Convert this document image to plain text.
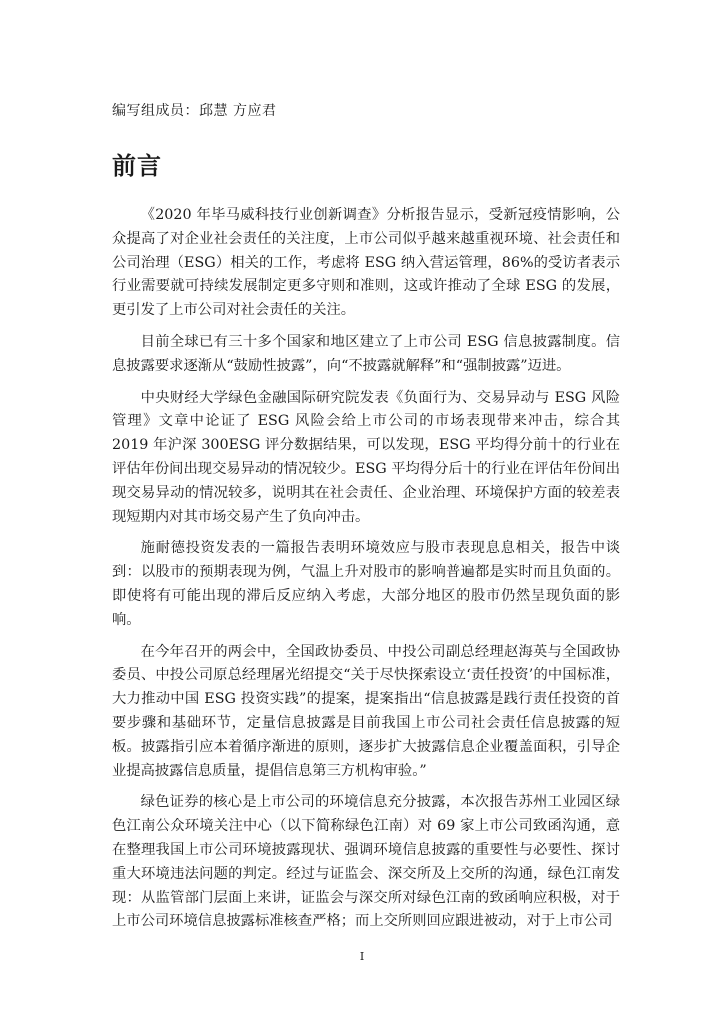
编写组成员：邱慧 方应君
前言

《2020 年毕马威科技行业创新调查》分析报告显示，受新冠疫情影响，公众提高了对企业社会责任的关注度，上市公司似乎越来越重视环境、社会责任和公司治理（ESG）相关的工作，考虑将 ESG 纳入营运管理，86%的受访者表示行业需要就可持续发展制定更多守则和准则，这或许推动了全球 ESG 的发展，更引发了上市公司对社会责任的关注。

目前全球已有三十多个国家和地区建立了上市公司 ESG 信息披露制度。信息披露要求逐渐从“鼓励性披露”，向“不披露就解释”和“强制披露”迈进。

中央财经大学绿色金融国际研究院发表《负面行为、交易异动与 ESG 风险管理》文章中论证了 ESG 风险会给上市公司的市场表现带来冲击，综合其 2019 年沪深 300ESG 评分数据结果，可以发现，ESG 平均得分前十的行业在评估年份间出现交易异动的情况较少。ESG 平均得分后十的行业在评估年份间出现交易异动的情况较多，说明其在社会责任、企业治理、环境保护方面的较差表现短期内对其市场交易产生了负向冲击。

施耐德投资发表的一篇报告表明环境效应与股市表现息息相关，报告中谈到：以股市的预期表现为例，气温上升对股市的影响普遍都是实时而且负面的。即使将有可能出现的滞后反应纳入考虑，大部分地区的股市仍然呈现负面的影响。

在今年召开的两会中，全国政协委员、中投公司副总经理赵海英与全国政协委员、中投公司原总经理屠光绍提交“关于尽快探索设立‘责任投资’的中国标准，大力推动中国 ESG 投资实践”的提案，提案指出“信息披露是践行责任投资的首要步骤和基础环节，定量信息披露是目前我国上市公司社会责任信息披露的短板。披露指引应本着循序渐进的原则，逐步扩大披露信息企业覆盖面积，引导企业提高披露信息质量，提倡信息第三方机构审验。”

绿色证券的核心是上市公司的环境信息充分披露，本次报告苏州工业园区绿色江南公众环境关注中心（以下简称绿色江南）对 69 家上市公司致函沟通，意在整理我国上市公司环境披露现状、强调环境信息披露的重要性与必要性、探讨重大环境违法问题的判定。经过与证监会、深交所及上交所的沟通，绿色江南发现：从监管部门层面上来讲，证监会与深交所对绿色江南的致函响应积极，对于上市公司环境信息披露标准核查严格；而上交所则回应跟进被动，对于上市公司

I
